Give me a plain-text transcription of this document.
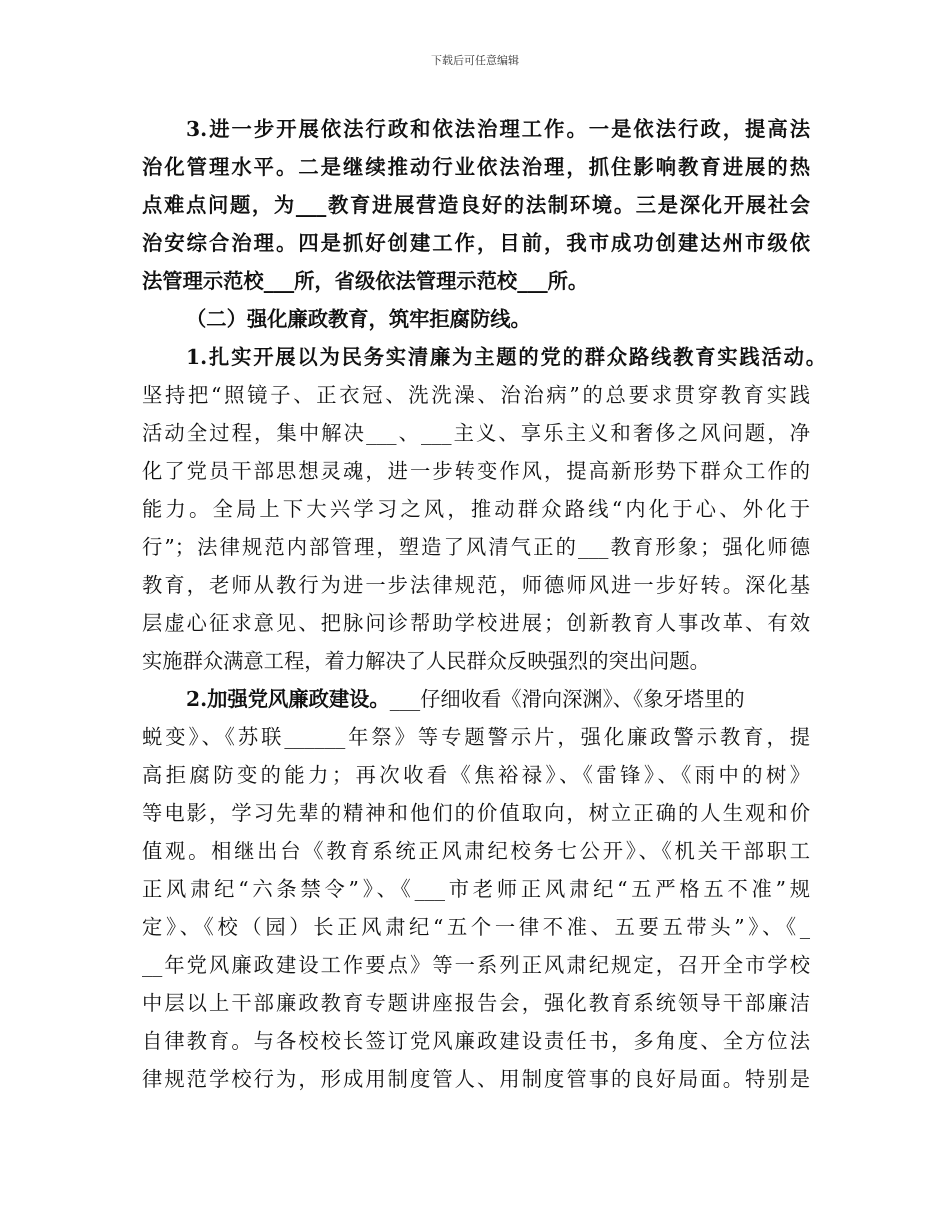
下载后可任意编辑
3.进一步开展依法行政和依法治理工作。一是依法行政，提高法
治化管理水平。二是继续推动行业依法治理，抓住影响教育进展的热
点难点问题，为___教育进展营造良好的法制环境。三是深化开展社会
治安综合治理。四是抓好创建工作，目前，我市成功创建达州市级依
法管理示范校___所，省级依法管理示范校___所。
（二）强化廉政教育，筑牢拒腐防线。
1.扎实开展以为民务实清廉为主题的党的群众路线教育实践活动。
坚持把“照镜子、正衣冠、洗洗澡、治治病”的总要求贯穿教育实践
活动全过程，集中解决___、___主义、享乐主义和奢侈之风问题，净
化了党员干部思想灵魂，进一步转变作风，提高新形势下群众工作的
能力。全局上下大兴学习之风，推动群众路线“内化于心、外化于
行”；法律规范内部管理，塑造了风清气正的___教育形象；强化师德
教育，老师从教行为进一步法律规范，师德师风进一步好转。深化基
层虚心征求意见、把脉问诊帮助学校进展；创新教育人事改革、有效
实施群众满意工程，着力解决了人民群众反映强烈的突出问题。
2.加强党风廉政建设。___仔细收看《滑向深渊》、《象牙塔里的
蜕变》、《苏联______年祭》等专题警示片，强化廉政警示教育，提
高拒腐防变的能力；再次收看《焦裕禄》、《雷锋》、《雨中的树》
等电影，学习先辈的精神和他们的价值取向，树立正确的人生观和价
值观。相继出台《教育系统正风肃纪校务七公开》、《机关干部职工
正风肃纪“六条禁令”》、《___市老师正风肃纪“五严格五不准”规
定》、《校（园）长正风肃纪“五个一律不准、五要五带头”》、《_
__年党风廉政建设工作要点》等一系列正风肃纪规定，召开全市学校
中层以上干部廉政教育专题讲座报告会，强化教育系统领导干部廉洁
自律教育。与各校校长签订党风廉政建设责任书，多角度、全方位法
律规范学校行为，形成用制度管人、用制度管事的良好局面。特别是
